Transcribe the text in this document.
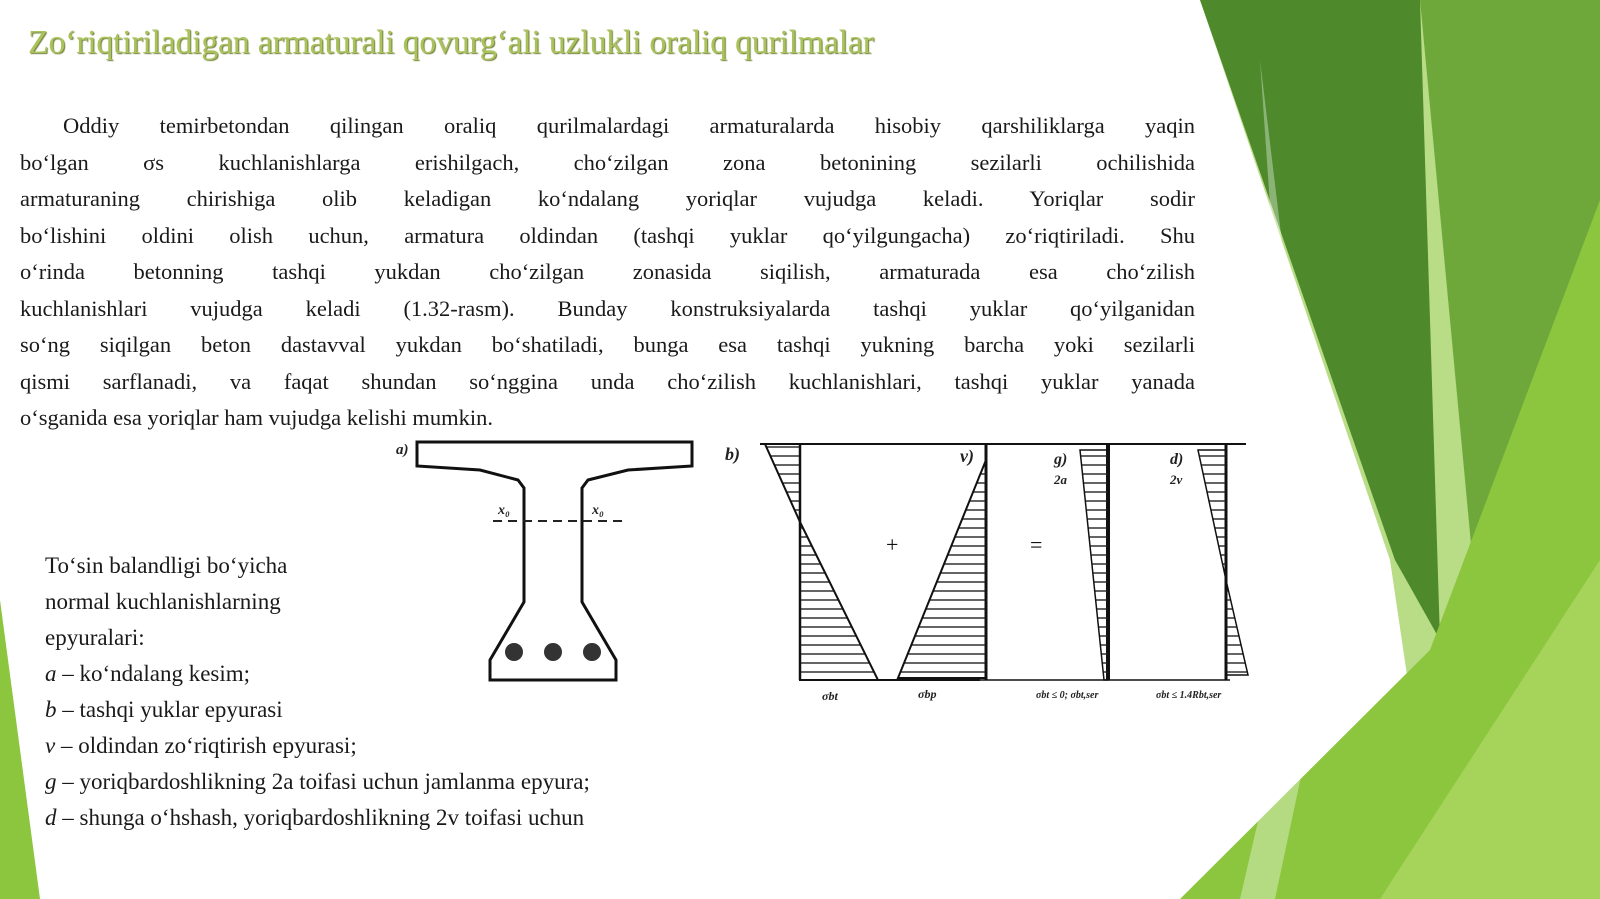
Zo‘riqtiriladigan armaturali qovurg‘ali uzlukli oraliq qurilmalar
Oddiy temirbetondan qilingan oraliq qurilmalardagi armaturalarda hisobiy qarshiliklarga yaqin
bo‘lgan σs kuchlanishlarga erishilgach, cho‘zilgan zona betonining sezilarli ochilishida
armaturaning chirishiga olib keladigan ko‘ndalang yoriqlar vujudga keladi. Yoriqlar sodir
bo‘lishini oldini olish uchun, armatura oldindan (tashqi yuklar qo‘yilgungacha) zo‘riqtiriladi. Shu
o‘rinda betonning tashqi yukdan cho‘zilgan zonasida siqilish, armaturada esa cho‘zilish
kuchlanishlari vujudga keladi (1.32-rasm). Bunday konstruksiyalarda tashqi yuklar qo‘yilganidan
so‘ng siqilgan beton dastavval yukdan bo‘shatiladi, bunga esa tashqi yukning barcha yoki sezilarli
qismi sarflanadi, va faqat shundan so‘nggina unda cho‘zilish kuchlanishlari, tashqi yuklar yanada
o‘sganida esa yoriqlar ham vujudga kelishi mumkin.
To‘sin balandligi bo‘yicha
normal kuchlanishlarning
epyuralari:
a – ko‘ndalang kesim;
b – tashqi yuklar epyurasi
v – oldindan zo‘riqtirish epyurasi;
g – yoriqbardoshlikning 2a toifasi uchun jamlanma epyura;
d – shunga o‘hshash, yoriqbardoshlikning 2v toifasi uchun
a)
x₀	x₀
b)
+
v)
=
g)
2a
d)
2v
σbt	σbp	σbt ≤ 0; σbt,ser	σbt ≤ 1.4Rbt,ser
